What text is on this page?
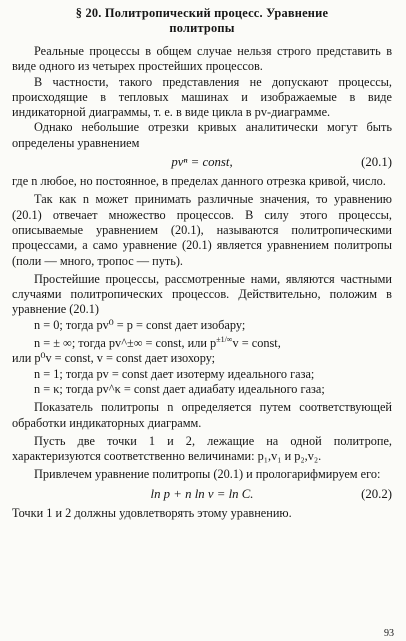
§ 20. Политропический процесс. Уравнение
политропы

Реальные процессы в общем случае нельзя строго представить в виде одного из четырех простейших процессов.

В частности, такого представления не допускают процессы, происходящие в тепловых машинах и изображаемые в виде индикаторной диаграммы, т. е. в виде цикла в pv-диаграмме.

Однако небольшие отрезки кривых аналитически могут быть определены уравнением

pvⁿ = const,	(20.1)

где n любое, но постоянное, в пределах данного отрезка кривой, число.

Так как n может принимать различные значения, то уравнению (20.1) отвечает множество процессов. В силу этого процессы, описываемые уравнением (20.1), называются политропическими процессами, а само уравнение (20.1) является уравнением политропы (поли — много, тропос — путь).

Простейшие процессы, рассмотренные нами, являются частными случаями политропических процессов. Действительно, положим в уравнение (20.1)

n = 0; тогда pv⁰ = p = const дает изобару;

n = ± ∞; тогда pv^±∞ = const, или p±1/∞v = const,

или p⁰v = const, v = const дает изохору;

n = 1; тогда pv = const дает изотерму идеального газа;

n = κ; тогда pv^κ = const дает адиабату идеального газа;

Показатель политропы n определяется путем соответствующей обработки индикаторных диаграмм.

Пусть две точки 1 и 2, лежащие на одной политропе, характеризуются соответственно величинами: p₁,v₁ и p₂,v₂.

Привлечем уравнение политропы (20.1) и прологарифмируем его:

ln p + n ln v = ln C.	(20.2)

Точки 1 и 2 должны удовлетворять этому уравнению.

93
